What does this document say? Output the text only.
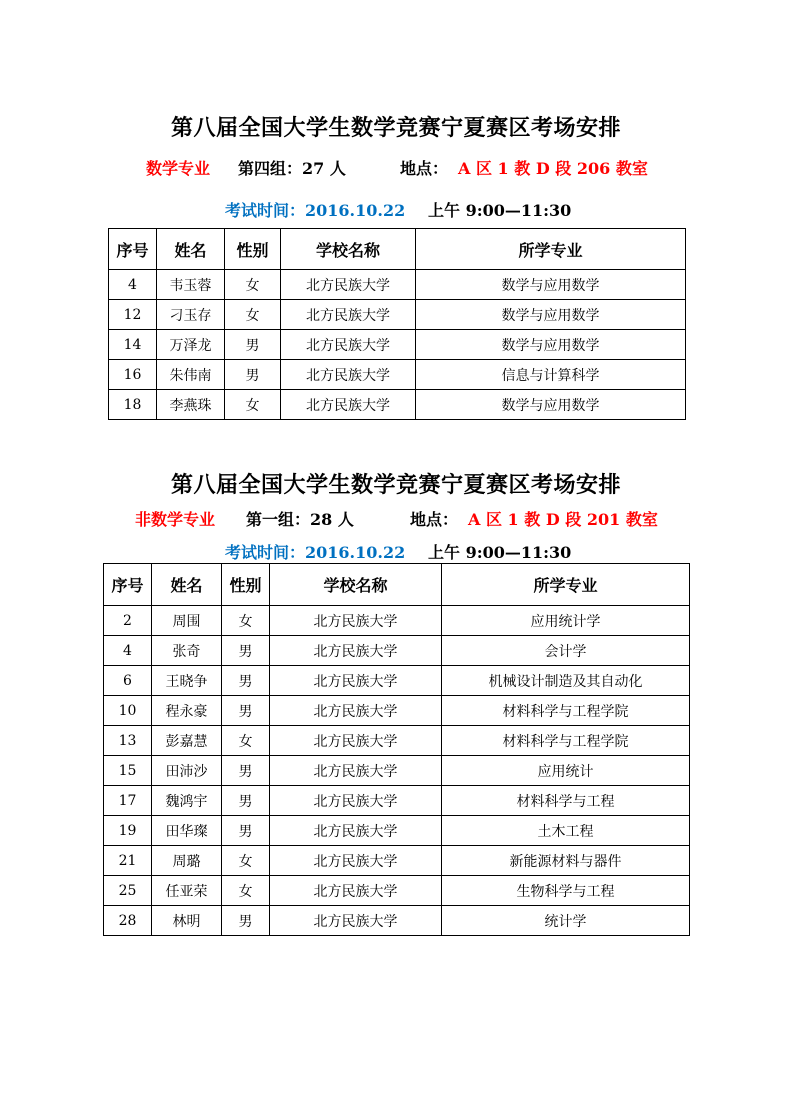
第八届全国大学生数学竞赛宁夏赛区考场安排
数学专业 第四组：27 人	地点： A 区 1 教 D 段 206 教室
考试时间：2016.10.22 上午 9:00—11:30
序号	姓名	性别	学校名称	所学专业
4	韦玉蓉	女	北方民族大学	数学与应用数学
12	刁玉存	女	北方民族大学	数学与应用数学
14	万泽龙	男	北方民族大学	数学与应用数学
16	朱伟南	男	北方民族大学	信息与计算科学
18	李燕珠	女	北方民族大学	数学与应用数学
第八届全国大学生数学竞赛宁夏赛区考场安排
非数学专业 第一组：28 人	地点： A 区 1 教 D 段 201 教室
考试时间：2016.10.22 上午 9:00—11:30
序号	姓名	性别	学校名称	所学专业
2	周围	女	北方民族大学	应用统计学
4	张奇	男	北方民族大学	会计学
6	王晓争	男	北方民族大学	机械设计制造及其自动化
10	程永豪	男	北方民族大学	材料科学与工程学院
13	彭嘉慧	女	北方民族大学	材料科学与工程学院
15	田沛沙	男	北方民族大学	应用统计
17	魏鸿宇	男	北方民族大学	材料科学与工程
19	田华璨	男	北方民族大学	土木工程
21	周璐	女	北方民族大学	新能源材料与器件
25	任亚荣	女	北方民族大学	生物科学与工程
28	林明	男	北方民族大学	统计学
